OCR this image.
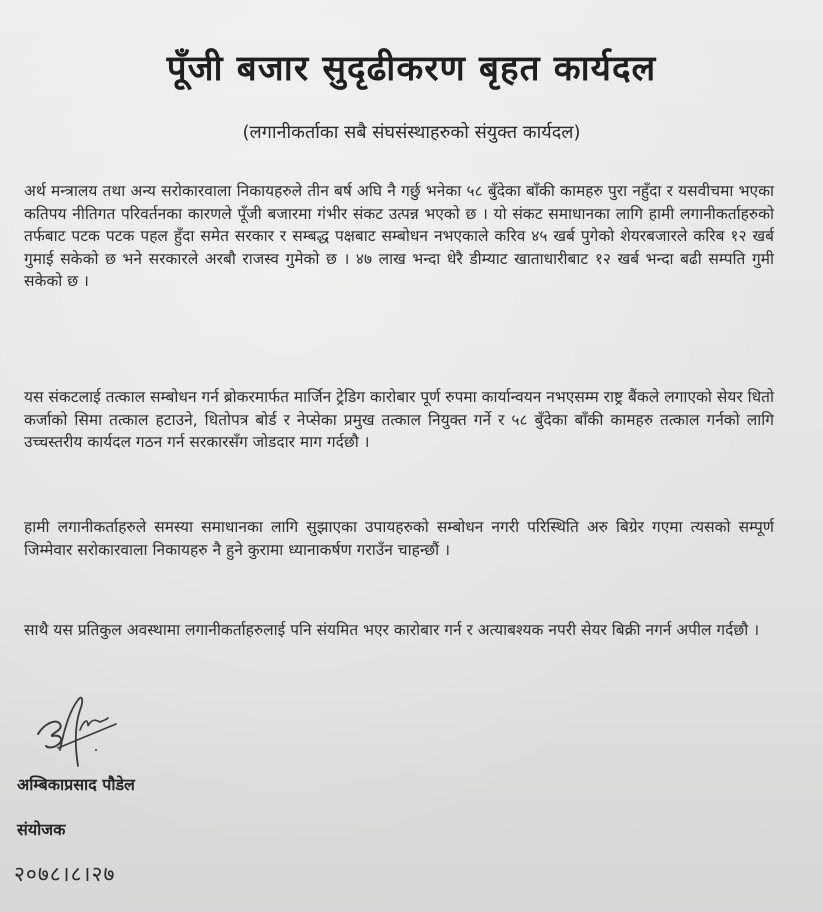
पूँजी बजार सुदृढीकरण बृहत कार्यदल
(लगानीकर्ताका सबै संघसंस्थाहरुको संयुक्त कार्यदल)

अर्थ मन्त्रालय तथा अन्य सरोकारवाला निकायहरुले तीन बर्ष अघि नै गर्छु भनेका ५८ बुँदेका बाँकी कामहरु पुरा नहुँदा र यसवीचमा भएका कतिपय नीतिगत परिवर्तनका कारणले पूँजी बजारमा गंभीर संकट उत्पन्न भएको छ । यो संकट समाधानका लागि हामी लगानीकर्ताहरुको तर्फबाट पटक पटक पहल हुँदा समेत सरकार र सम्बद्ध पक्षबाट सम्बोधन नभएकाले करिव ४५ खर्ब पुगेको शेयरबजारले करिब १२ खर्ब गुमाई सकेको छ भने सरकारले अरबौ राजस्व गुमेको छ । ४७ लाख भन्दा धेरै डीम्याट खाताधारीबाट १२ खर्ब भन्दा बढी सम्पति गुमी सकेको छ ।

यस संकटलाई तत्काल सम्बोधन गर्न ब्रोकरमार्फत मार्जिन ट्रेडिग कारोबार पूर्ण रुपमा कार्यान्वयन नभएसम्म राष्ट्र बैंकले लगाएको सेयर धितो कर्जाको सिमा तत्काल हटाउने, धितोपत्र बोर्ड र नेप्सेका प्रमुख तत्काल नियुक्त गर्ने र ५८ बुँदेका बाँकी कामहरु तत्काल गर्नको लागि उच्चस्तरीय कार्यदल गठन गर्न सरकारसँग जोडदार माग गर्दछौ ।

हामी लगानीकर्ताहरुले समस्या समाधानका लागि सुझाएका उपायहरुको सम्बोधन नगरी परिस्थिति अरु बिग्रेर गएमा त्यसको सम्पूर्ण जिम्मेवार सरोकारवाला निकायहरु नै हुने कुरामा ध्यानाकर्षण गराउँन चाहन्छौं ।

साथै यस प्रतिकुल अवस्थामा लगानीकर्ताहरुलाई पनि संयमित भएर कारोबार गर्न र अत्याबश्यक नपरी सेयर बिक्री नगर्न अपील गर्दछौ ।

अम्बिकाप्रसाद पौडेल
संयोजक
२०७८।८।२७
